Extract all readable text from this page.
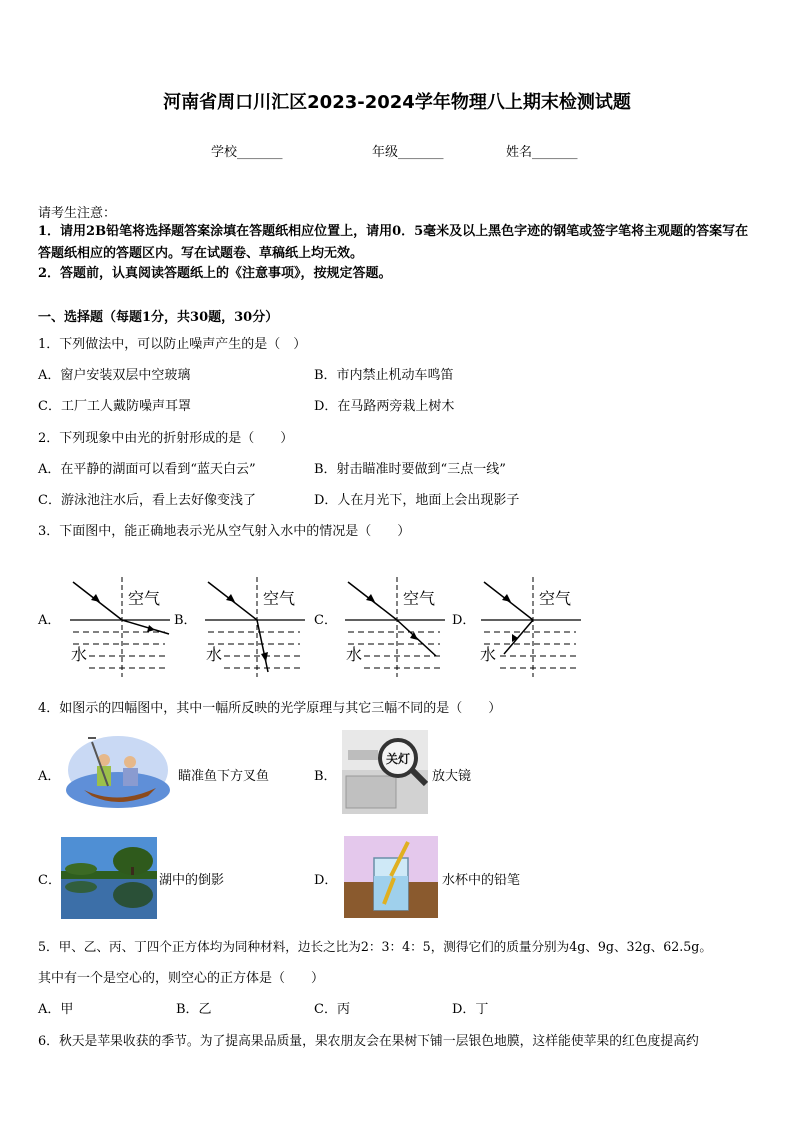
河南省周口川汇区2023-2024学年物理八上期末检测试题
学校_______	年级_______	姓名_______
请考生注意：
1．请用2B铅笔将选择题答案涂填在答题纸相应位置上，请用0．5毫米及以上黑色字迹的钢笔或签字笔将主观题的答案写在答题纸相应的答题区内。写在试题卷、草稿纸上均无效。
2．答题前，认真阅读答题纸上的《注意事项》，按规定答题。
一、选择题（每题1分，共30题，30分）
1．下列做法中，可以防止噪声产生的是（　）
A．窗户安装双层中空玻璃	B．市内禁止机动车鸣笛
C．工厂工人戴防噪声耳罩	D．在马路两旁栽上树木
2．下列现象中由光的折射形成的是（　　）
A．在平静的湖面可以看到“蓝天白云”	B．射击瞄准时要做到“三点一线”
C．游泳池注水后，看上去好像变浅了	D．人在月光下，地面上会出现影子
3．下面图中，能正确地表示光从空气射入水中的情况是（　　）
A．	B．	C．	D．
空气
水
空气
水
空气
水
空气
水
4．如图示的四幅图中，其中一幅所反映的光学原理与其它三幅不同的是（　　）
A．	瞄准鱼下方叉鱼	B．
关灯
放大镜
C．	湖中的倒影	D．	水杯中的铅笔
5．甲、乙、丙、丁四个正方体均为同种材料，边长之比为2：3：4：5，测得它们的质量分别为4g、9g、32g、62.5g。
其中有一个是空心的，则空心的正方体是（　　）
A．甲	B．乙	C．丙	D．丁
6．秋天是苹果收获的季节。为了提高果品质量，果农朋友会在果树下铺一层银色地膜，这样能使苹果的红色度提高约
